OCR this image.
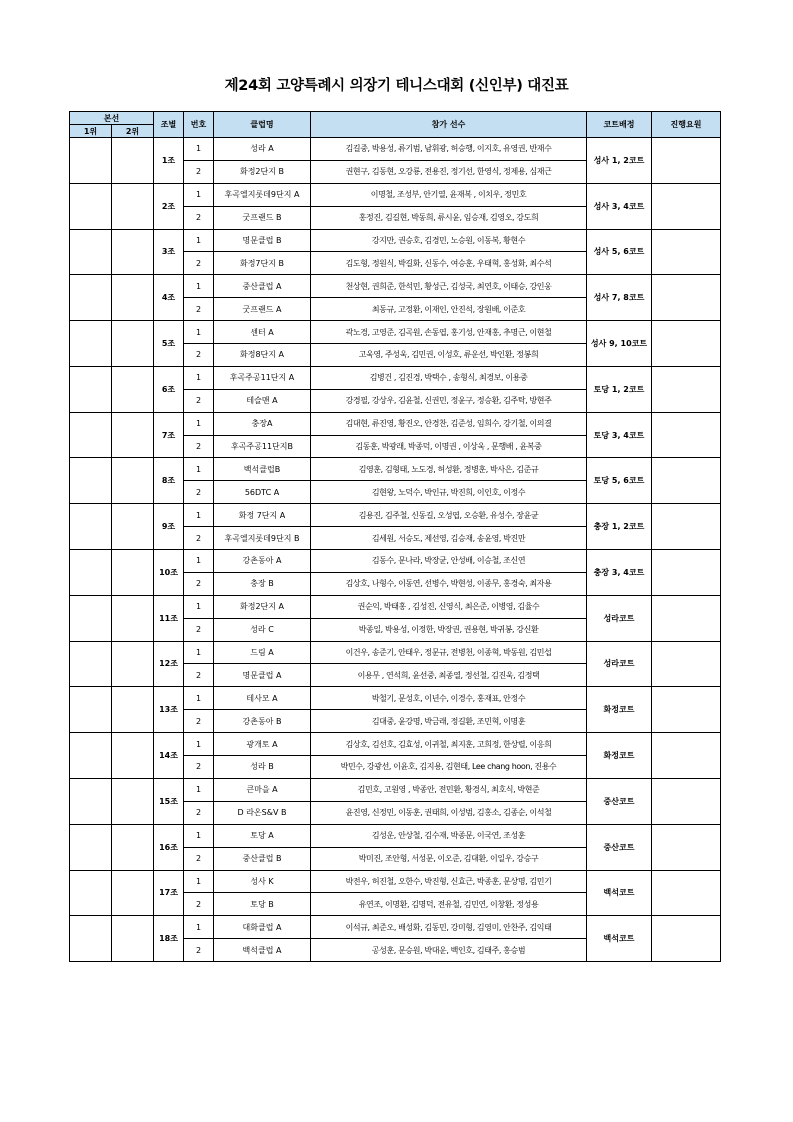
제24회 고양특례시 의장기 테니스대회 (신인부) 대진표
본선		조별	번호	클럽명	참가 선수	코트배정	진행요원
1위	2위						
		1조	1	성라 A	김길중, 박용성, 류기범, 남휘광, 허승행, 이지호, 유영권, 반재수	성사 1, 2코트	
			2	화정2단지 B	권현구, 김동현, 오강룡, 전용진, 정기선, 한영식, 정제용, 심재근		
		2조	1	후곡엘지롯데9단지 A	이명철, 조성부, 안기열, 윤재복 , 이치우, 정민호	성사 3, 4코트	
			2	굿프랜드 B	홍정진, 김길현, 박동희, 류시윤, 임승재, 김영오, 강도희		
		3조	1	명문클럽 B	강지만, 권승호, 김경민, 노승원, 이동복, 황현수	성사 5, 6코트	
			2	화정7단지 B	김도형, 정원식, 박길화, 신동수, 여승훈, 우태혁, 홍성화, 최수석		
		4조	1	중산클럽 A	천상현, 권희준, 한석민, 황성근, 김성국, 최연호, 이태승, 강인웅	성사 7, 8코트	
			2	굿프랜드 A	최동규, 고정환, 이재인, 안진석, 장원배, 이준호		
		5조	1	센터 A	곽노경, 고영준, 김곡원, 손동엽, 홍기성, 안재홍, 추명근, 이현철	성사 9, 10코트	
			2	화정8단지 A	고욱영, 주성욱, 김민권, 이성호, 류운선, 박인환, 정봉희		
		6조	1	후곡주공11단지 A	김병건 , 김진경, 박택수 , 송형식, 최경보, 이용중	토당 1, 2코트	
			2	테슬맨 A	강경필, 강상우, 김윤철, 신권민, 정윤구, 정승환, 김주탁, 방현주		
		7조	1	충장A	김대현, 류진영, 황진오, 안경찬, 김준성, 임희수, 강기철, 이의결	토당 3, 4코트	
			2	후곡주공11단지B	김동훈, 박광래, 박종덕, 이명권 , 이상욱 , 문행배 , 윤복중		
		8조	1	백석클럽B	김영훈, 김형태, 노도경, 허성환, 정병훈, 박사은, 김준규	토당 5, 6코트	
			2	56DTC A	김현왕, 노덕수, 박인규, 박진희, 이인호, 이정수		
		9조	1	화정 7단지 A	김용진, 김주철, 신동길, 오성엽, 오승환, 유성수, 장윤균	충장 1, 2코트	
			2	후곡엘지롯데9단지 B	김세원, 서승도, 제선영, 김승재, 송윤영, 박진만		
		10조	1	강촌동아 A	김동수, 문나라, 박장균, 안성배, 이승철, 조신연	충장 3, 4코트	
			2	충장 B	김상호, 나형수, 이동연, 선병수, 박현성, 이종무, 홍경숙, 최자용		
		11조	1	화정2단지 A	권순익, 박태홍 , 김성진, 신영식, 최은준, 이병영, 김율수	성라코트	
			2	성라 C	박종일, 박용성, 이정한, 박장권, 권용현, 박귀봉, 강신환		
		12조	1	드림 A	이건우, 송준기, 안태우, 정문규, 전병천, 이종혁, 박동원, 김민섭	성라코트	
			2	명문클럽 A	이용무 , 연석희, 윤선중, 최종열, 정선철, 김진욱, 김정택		
		13조	1	테사모 A	박철기, 문성호, 이년수, 이경수, 홍재표, 안정수	화정코트	
			2	강촌동아 B	김대중, 윤강명, 박금래, 정길환, 조민혁, 이명훈		
		14조	1	광개토 A	김상호, 김선호, 김효성, 이귀철, 최지훈, 고희정, 한상렬, 이응희	화정코트	
			2	성라 B	박민수, 강광선, 이윤호, 김지용, 김현태, Lee chang hoon, 진용수		
		15조	1	큰마을 A	김민호, 고원영 , 박종안, 전민환, 황경식, 최호식, 박현준	중산코트	
			2	D 라온S&V B	윤진영, 신정민, 이동훈, 권태희, 이성범, 김홍소, 김종순, 이석철		
		16조	1	토당 A	김성운, 안상철, 김수재, 박종문, 이국연, 조성훈	중산코트	
			2	중산클럽 B	박미진, 조안형, 서성문, 이오준, 김대환, 이일우, 강승구		
		17조	1	성사 K	박전우, 허진철, 오한수, 박진형, 신효근, 박종훈, 문상명, 김민기	백석코트	
			2	토당 B	유연조, 이명환, 김명덕, 전유철, 김민연, 이창환, 정성용		
		18조	1	대화클럽 A	이석규, 최준오, 배성화, 김동민, 강미형, 김영미, 안찬주, 김익태	백석코트	
			2	백석클럽 A	공성훈, 문승원, 박대운, 백인호, 김태주, 홍승범		
